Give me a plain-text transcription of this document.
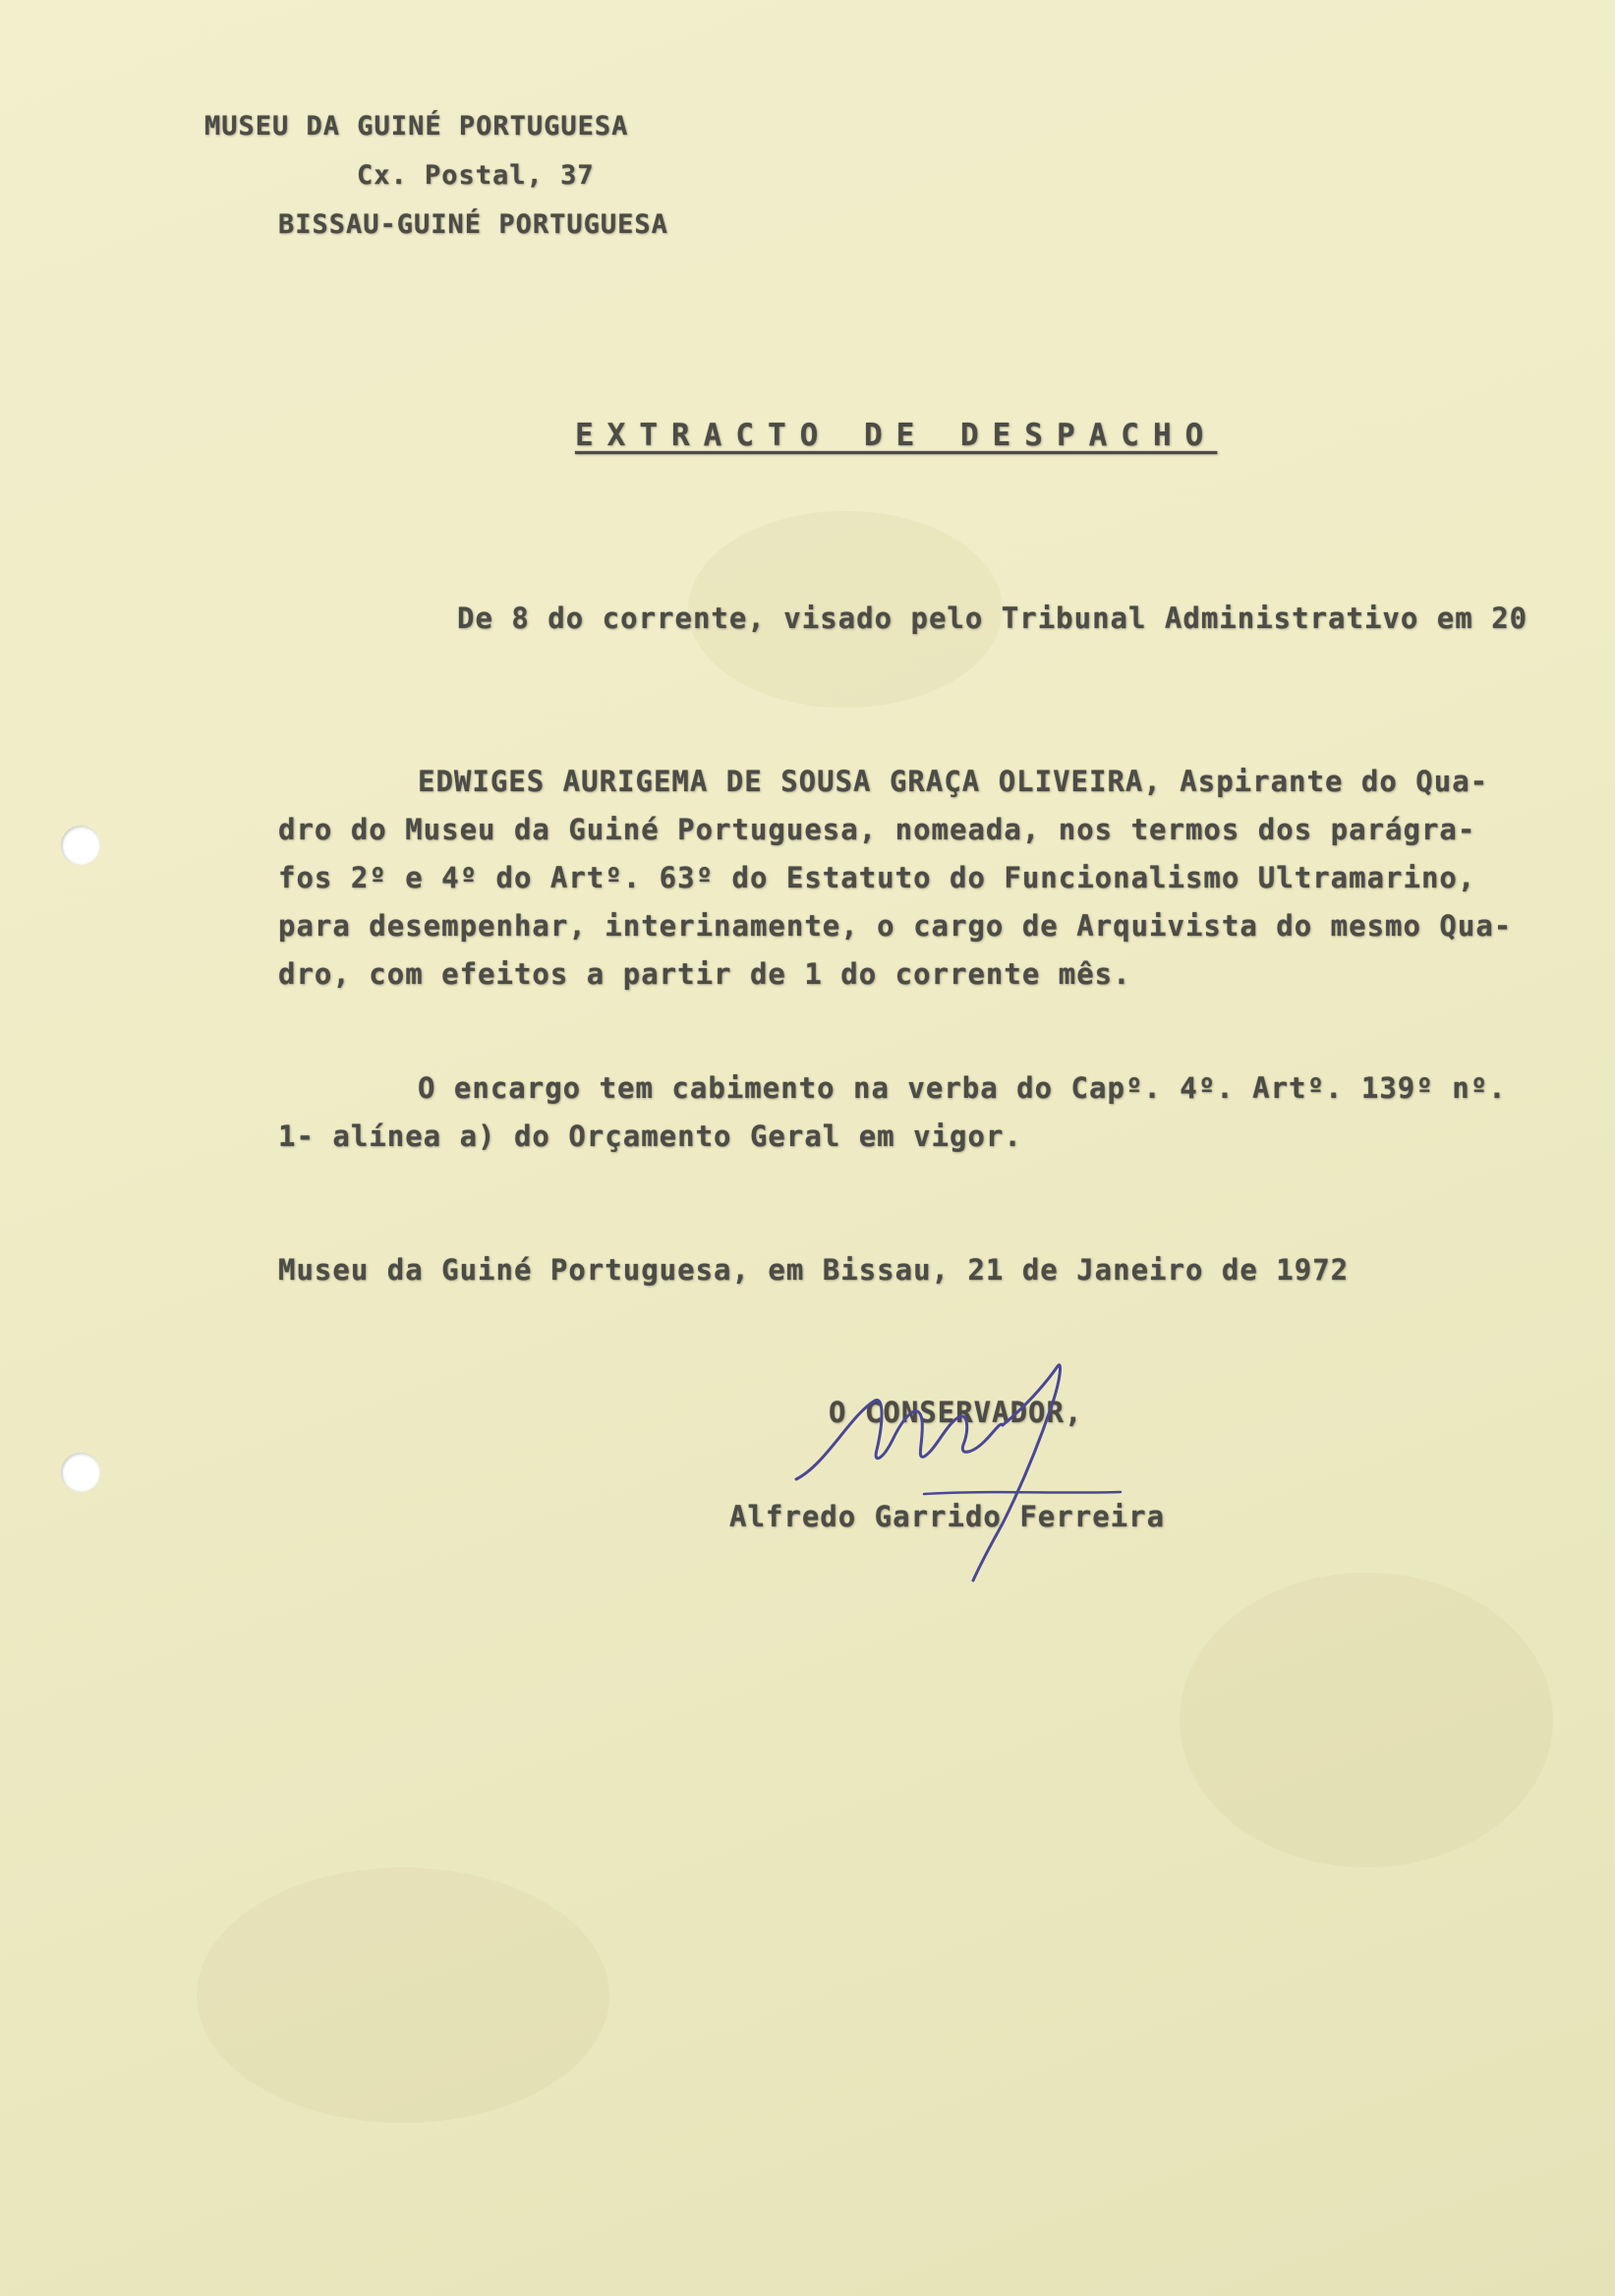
MUSEU DA GUINÉ PORTUGUESA
Cx. Postal, 37
BISSAU-GUINÉ PORTUGUESA
EXTRACTO DE DESPACHO
De 8 do corrente, visado pelo Tribunal Administrativo em 20
EDWIGES AURIGEMA DE SOUSA GRAÇA OLIVEIRA, Aspirante do Qua-
dro do Museu da Guiné Portuguesa, nomeada, nos termos dos parágra-
fos 2º e 4º do Artº. 63º do Estatuto do Funcionalismo Ultramarino,
para desempenhar, interinamente, o cargo de Arquivista do mesmo Qua-
dro, com efeitos a partir de 1 do corrente mês.
O encargo tem cabimento na verba do Capº. 4º. Artº. 139º nº.
1- alínea a) do Orçamento Geral em vigor.
Museu da Guiné Portuguesa, em Bissau, 21 de Janeiro de 1972
O CONSERVADOR,
Alfredo Garrido Ferreira
